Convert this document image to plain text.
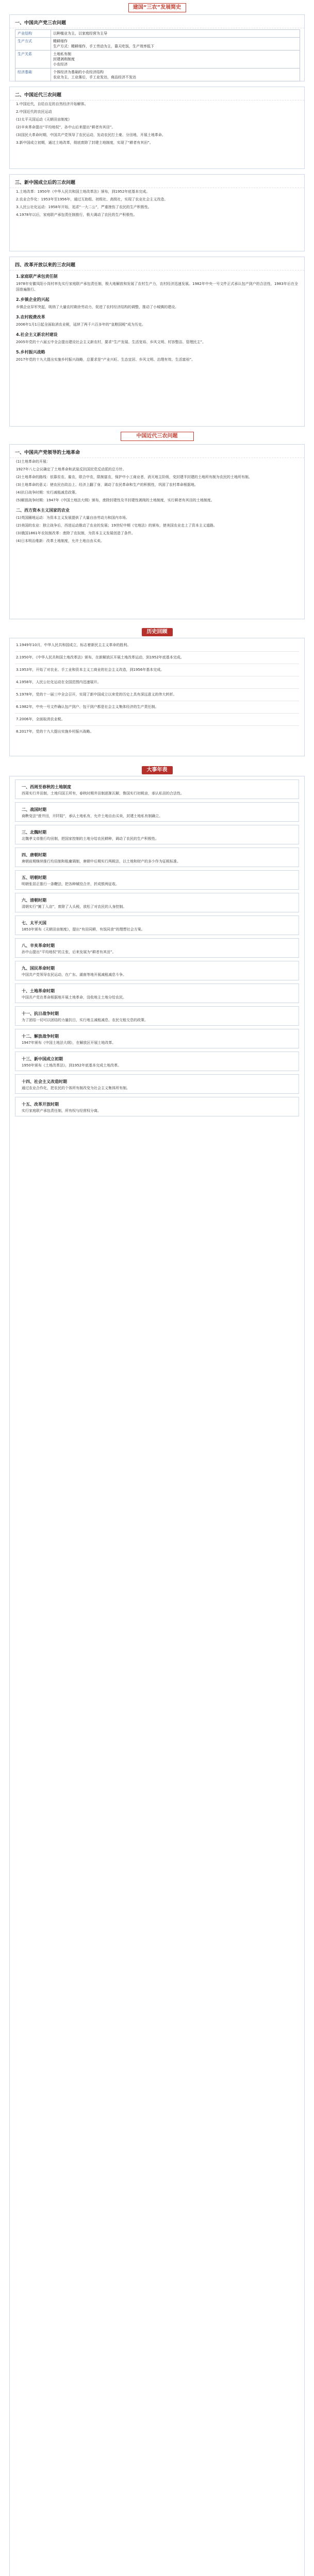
建国“三农”发展简史
一、中国共产党三农问题
产业结构	以种植业为主，以家庭经营为主导
生产方式	精耕细作
生产方式：精耕细作，手工劳动为主，靠天吃饭，生产效率低下

生产关系	土地私有制
封建剥削制度
小农经济

经济基础	个体经济为基础的小农经济结构
农业为主，工业落后，手工业发达，商品经济不发达
二、中国近代三农问题
1.中国近代，自给自足的自然经济开始解体。
2.中国近代的农民运动
(1)太平天国运动《天朝田亩制度》
(2)辛亥革命提出“平均地权”，孙中山后来提出“耕者有其田”。
(3)国民大革命时期，中国共产党领导了农民运动，发动农民打土豪、分田地，开展土地革命。
3.新中国成立初期，通过土地改革，彻底废除了封建土地制度，实现了“耕者有其田”。
三、新中国成立后的三农问题
1.土地改革：1950年《中华人民共和国土地改革法》颁布，到1952年底基本完成。
2.农业合作化：1953年至1956年，通过互助组、初级社、高级社，实现了农业社会主义改造。
3.人民公社化运动：1958年开始，追求“一大二公”，严重挫伤了农民的生产积极性。
4.1978年以后，家庭联产承包责任制推行，极大调动了农民的生产积极性。
四、改革开放以来的三农问题
1.家庭联产承包责任制
1978年安徽凤阳小岗村率先实行家庭联产承包责任制，极大地解放和发展了农村生产力，农村经济迅速发展。1982年中央一号文件正式承认包产到户的合法性，1983年后在全国普遍推行。
2.乡镇企业的兴起
乡镇企业异军突起，吸纳了大量农村剩余劳动力，促进了农村经济结构的调整，推动了小城镇的建设。
3.农村税费改革
2006年1月1日起全面取消农业税，延续了两千六百多年的“皇粮国税”成为历史。
4.社会主义新农村建设
2005年党的十六届五中全会提出建设社会主义新农村，要求“生产发展、生活宽裕、乡风文明、村容整洁、管理民主”。
5.乡村振兴战略
2017年党的十九大提出实施乡村振兴战略，总要求是“产业兴旺、生态宜居、乡风文明、治理有效、生活富裕”。
中国近代三农问题
一、中国共产党领导的土地革命
(1)土地革命的开展：
1927年八七会议确定了土地革命和武装反抗国民党反动派的总方针。
(2)土地革命的路线：依靠贫农、雇农，联合中农，限制富农，保护中小工商业者，消灭地主阶级，变封建半封建的土地所有制为农民的土地所有制。
(3)土地革命的意义：使农民在政治上、经济上翻了身，调动了农民革命和生产的积极性，巩固了农村革命根据地。
(4)抗日战争时期：实行减租减息政策。
(5)解放战争时期：1947年《中国土地法大纲》颁布，废除封建性及半封建性剥削的土地制度，实行耕者有其田的土地制度。
二、西方资本主义国家的农业
(1)英国圈地运动：为资本主义发展提供了大量自由劳动力和国内市场。
(2)美国的农业：独立战争后，西进运动推动了农业的发展；19世纪中期《宅地法》的颁布，使美国农业走上了资本主义道路。
(3)俄国1861年农奴制改革：废除了农奴制，为资本主义发展创造了条件。
(4)日本明治维新：改革土地制度，允许土地自由买卖。
历史回顾
1.1949年10月，中华人民共和国成立，标志着新民主主义革命的胜利。
2.1950年，《中华人民共和国土地改革法》颁布，在新解放区开展土地改革运动，到1952年底基本完成。
3.1953年，开始了对农业、手工业和资本主义工商业的社会主义改造，到1956年基本完成。
4.1958年，人民公社化运动在全国范围内迅速展开。
5.1978年，党的十一届三中全会召开，实现了新中国成立以来党的历史上具有深远意义的伟大转折。
6.1982年，中央一号文件确认包产到户、包干到户都是社会主义集体经济的生产责任制。
7.2006年，全面取消农业税。
8.2017年，党的十九大提出实施乡村振兴战略。
大事年表
一、西周至春秋的土地制度
西周实行井田制，土地归国王所有，春秋时期井田制逐渐瓦解，鲁国实行初税亩，承认私田的合法性。
二、战国时期
商鞅变法“废井田，开阡陌”，承认土地私有，允许土地自由买卖，封建土地私有制确立。
三、北魏时期
北魏孝文帝推行均田制，把国家控制的土地分给农民耕种，调动了农民的生产积极性。
四、唐朝时期
唐朝前期继续推行均田制和租庸调制，唐朝中后期实行两税法，以土地和财产的多少作为征税标准。
五、明朝时期
明朝张居正推行一条鞭法，把各种赋役合并，折成银两征收。
六、清朝时期
清朝实行“摊丁入亩”，废除了人头税，放松了对农民的人身控制。
七、太平天国
1853年颁布《天朝田亩制度》，提出“有田同耕，有饭同食”的理想社会方案。
八、辛亥革命时期
孙中山提出“平均地权”的主张，后来发展为“耕者有其田”。
九、国民革命时期
中国共产党领导农民运动，在广东、湖南等地开展减租减息斗争。
十、土地革命时期
中国共产党在革命根据地开展土地革命，没收地主土地分给农民。
十一、抗日战争时期
为了团结一切可以团结的力量抗日，实行地主减租减息、农民交租交息的政策。
十二、解放战争时期
1947年颁布《中国土地法大纲》，在解放区开展土地改革。
十三、新中国成立初期
1950年颁布《土地改革法》，到1952年底基本完成土地改革。
十四、社会主义改造时期
通过农业合作化，把农民的个体所有制改变为社会主义集体所有制。
十五、改革开放时期
实行家庭联产承包责任制，所有权与经营权分离。
